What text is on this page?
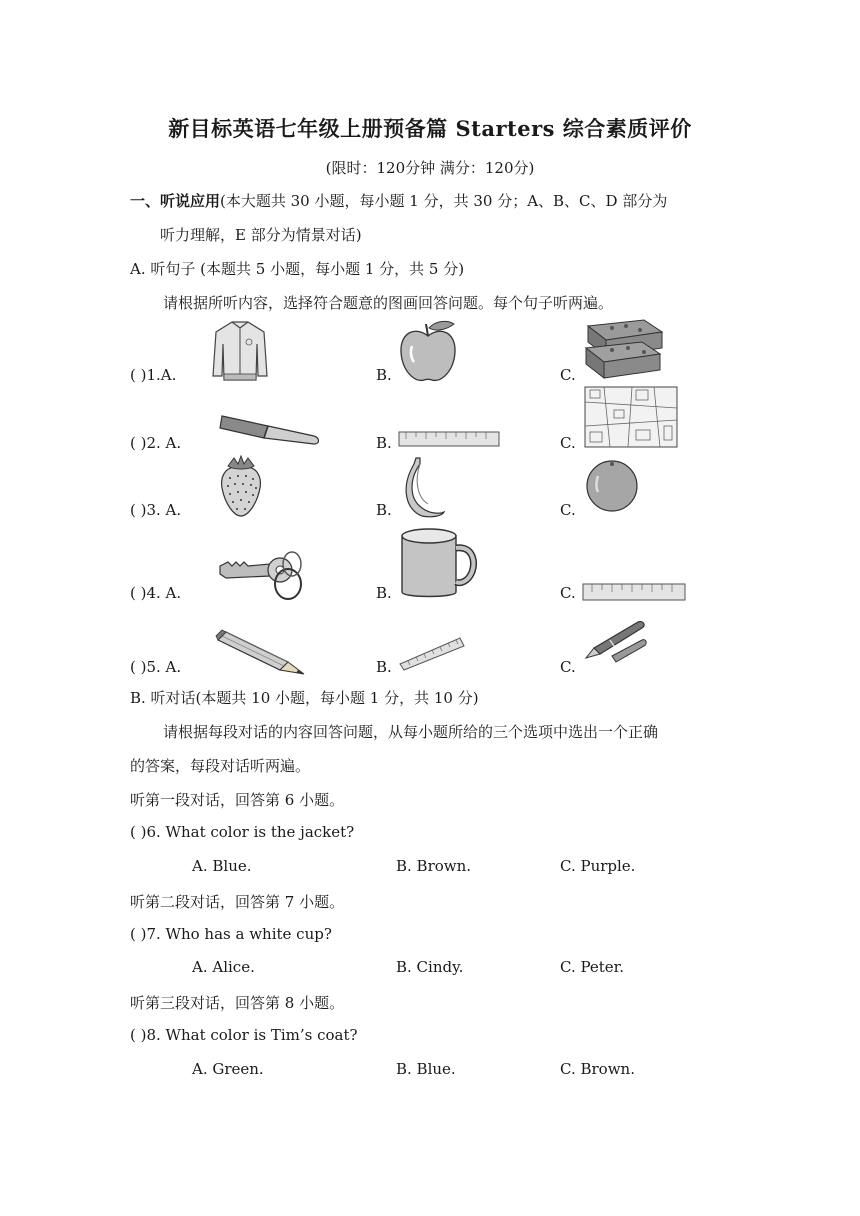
新目标英语七年级上册预备篇 Starters 综合素质评价
(限时：120分钟 满分：120分)
一、听说应用(本大题共 30 小题，每小题 1 分，共 30 分；A、B、C、D 部分为
听力理解，E 部分为情景对话)
A. 听句子 (本题共 5 小题，每小题 1 分，共 5 分)
请根据所听内容，选择符合题意的图画回答问题。每个句子听两遍。
( )1.A.	B.	C.
( )2. A.	B.	C.
( )3. A.	B.	C.
( )4. A.	B.	C.
( )5. A.	B.	C.
B. 听对话(本题共 10 小题，每小题 1 分，共 10 分)
请根据每段对话的内容回答问题，从每小题所给的三个选项中选出一个正确
的答案，每段对话听两遍。
听第一段对话，回答第 6 小题。
( )6. What color is the jacket?
A. Blue.	B. Brown.	C. Purple.
听第二段对话，回答第 7 小题。
( )7. Who has a white cup?
A. Alice.	B. Cindy.	C. Peter.
听第三段对话，回答第 8 小题。
( )8. What color is Tim’s coat?
A. Green.	B. Blue.	C. Brown.
